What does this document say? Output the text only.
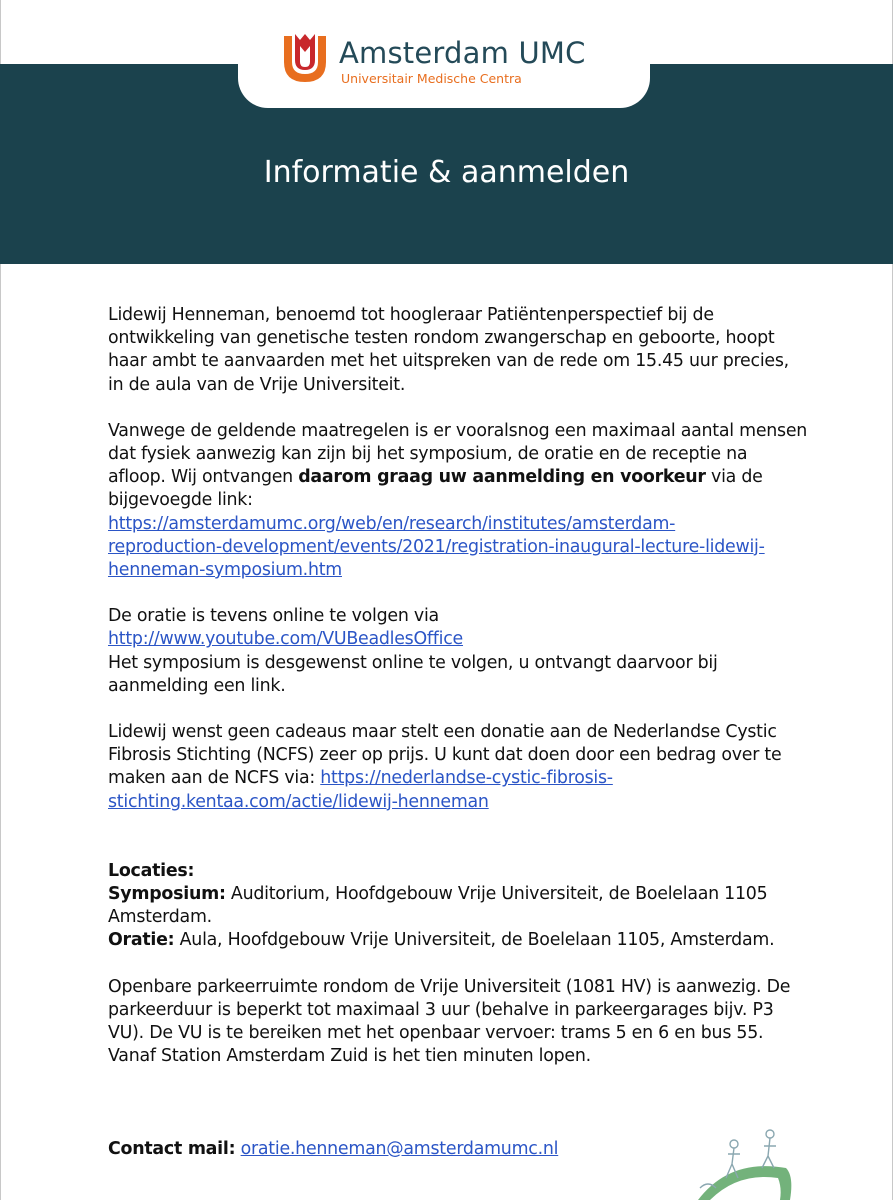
Informatie & aanmelden
Amsterdam UMC
Universitair Medische Centra

Lidewij Henneman, benoemd tot hoogleraar Patiëntenperspectief bij de
ontwikkeling van genetische testen rondom zwangerschap en geboorte, hoopt
haar ambt te aanvaarden met het uitspreken van de rede om 15.45 uur precies,
in de aula van de Vrije Universiteit.

Vanwege de geldende maatregelen is er vooralsnog een maximaal aantal mensen
dat fysiek aanwezig kan zijn bij het symposium, de oratie en de receptie na
afloop. Wij ontvangen daarom graag uw aanmelding en voorkeur via de
bijgevoegde link:
https://amsterdamumc.org/web/en/research/institutes/amsterdam-
reproduction-development/events/2021/registration-inaugural-lecture-lidewij-
henneman-symposium.htm

De oratie is tevens online te volgen via
http://www.youtube.com/VUBeadlesOffice
Het symposium is desgewenst online te volgen, u ontvangt daarvoor bij
aanmelding een link.

Lidewij wenst geen cadeaus maar stelt een donatie aan de Nederlandse Cystic
Fibrosis Stichting (NCFS) zeer op prijs. U kunt dat doen door een bedrag over te
maken aan de NCFS via: https://nederlandse-cystic-fibrosis-
stichting.kentaa.com/actie/lidewij-henneman

Locaties:
Symposium: Auditorium, Hoofdgebouw Vrije Universiteit, de Boelelaan 1105
Amsterdam.
Oratie: Aula, Hoofdgebouw Vrije Universiteit, de Boelelaan 1105, Amsterdam.

Openbare parkeerruimte rondom de Vrije Universiteit (1081 HV) is aanwezig. De
parkeerduur is beperkt tot maximaal 3 uur (behalve in parkeergarages bijv. P3
VU). De VU is te bereiken met het openbaar vervoer: trams 5 en 6 en bus 55.
Vanaf Station Amsterdam Zuid is het tien minuten lopen.

Contact mail: oratie.henneman@amsterdamumc.nl
